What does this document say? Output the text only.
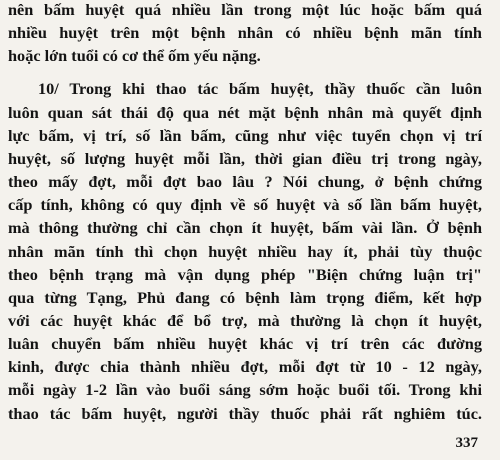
nên bấm huyệt quá nhiều lần trong một lúc hoặc bấm quá
nhiều huyệt trên một bệnh nhân có nhiều bệnh mãn tính
hoặc lớn tuổi có cơ thể ốm yếu nặng.
10/ Trong khi thao tác bấm huyệt, thầy thuốc cần luôn
luôn quan sát thái độ qua nét mặt bệnh nhân mà quyết định
lực bấm, vị trí, số lần bấm, cũng như việc tuyển chọn vị trí
huyệt, số lượng huyệt mỗi lần, thời gian điều trị trong ngày,
theo mấy đợt, mỗi đợt bao lâu ? Nói chung, ở bệnh chứng
cấp tính, không có quy định về số huyệt và số lần bấm huyệt,
mà thông thường chỉ cần chọn ít huyệt, bấm vài lần. Ở bệnh
nhân mãn tính thì chọn huyệt nhiều hay ít, phải tùy thuộc
theo bệnh trạng mà vận dụng phép "Biện chứng luận trị"
qua từng Tạng, Phủ đang có bệnh làm trọng điểm, kết hợp
với các huyệt khác để bổ trợ, mà thường là chọn ít huyệt,
luân chuyển bấm nhiều huyệt khác vị trí trên các đường
kinh, được chia thành nhiều đợt, mỗi đợt từ 10 - 12 ngày,
mỗi ngày 1-2 lần vào buổi sáng sớm hoặc buổi tối. Trong khi
thao tác bấm huyệt, người thầy thuốc phải rất nghiêm túc.
337
